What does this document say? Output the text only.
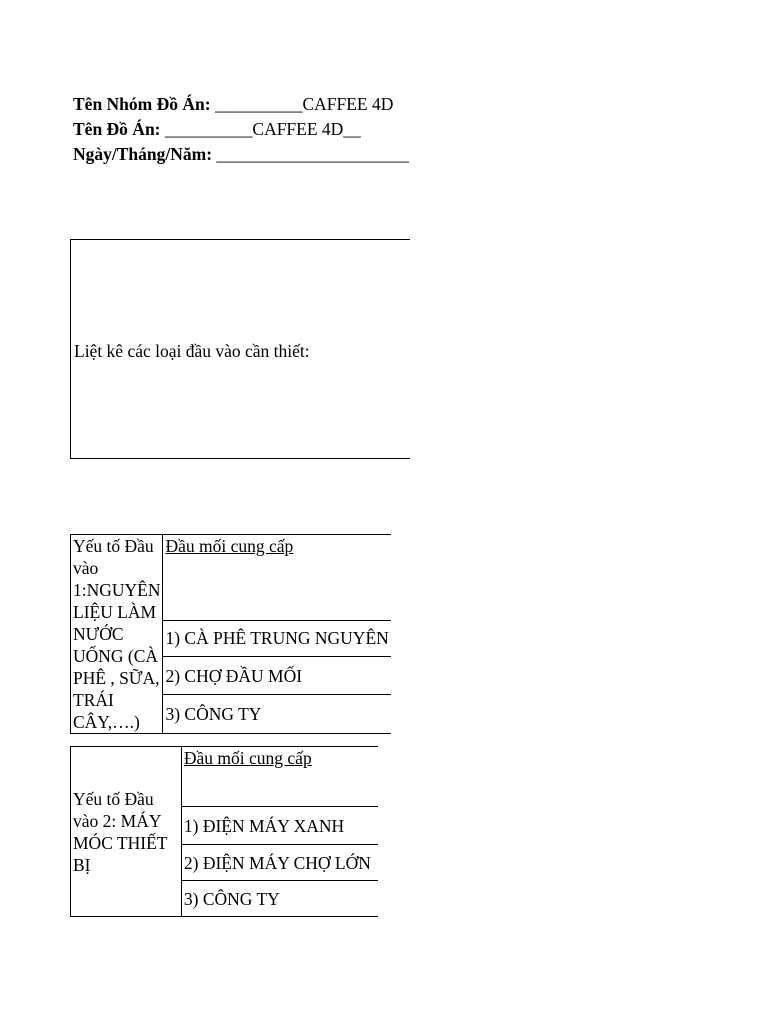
Tên Nhóm Đồ Án: __________CAFFEE 4D
Tên Đồ Án: __________CAFFEE 4D__
Ngày/Tháng/Năm: ______________________
Liệt kê các loại đầu vào cần thiết:
Yếu tố Đầu vào 1:NGUYÊN LIỆU LÀM NƯỚC UỐNG (CÀ PHÊ , SỮA, TRÁI CÂY,….)	Đầu mối cung cấp
1) CÀ PHÊ TRUNG NGUYÊN
2) CHỢ ĐẦU MỐI
3) CÔNG TY
Yếu tố Đầu vào 2: MÁY MÓC THIẾT BỊ	Đầu mối cung cấp
1) ĐIỆN MÁY XANH
2) ĐIỆN MÁY CHỢ LỚN
3) CÔNG TY
